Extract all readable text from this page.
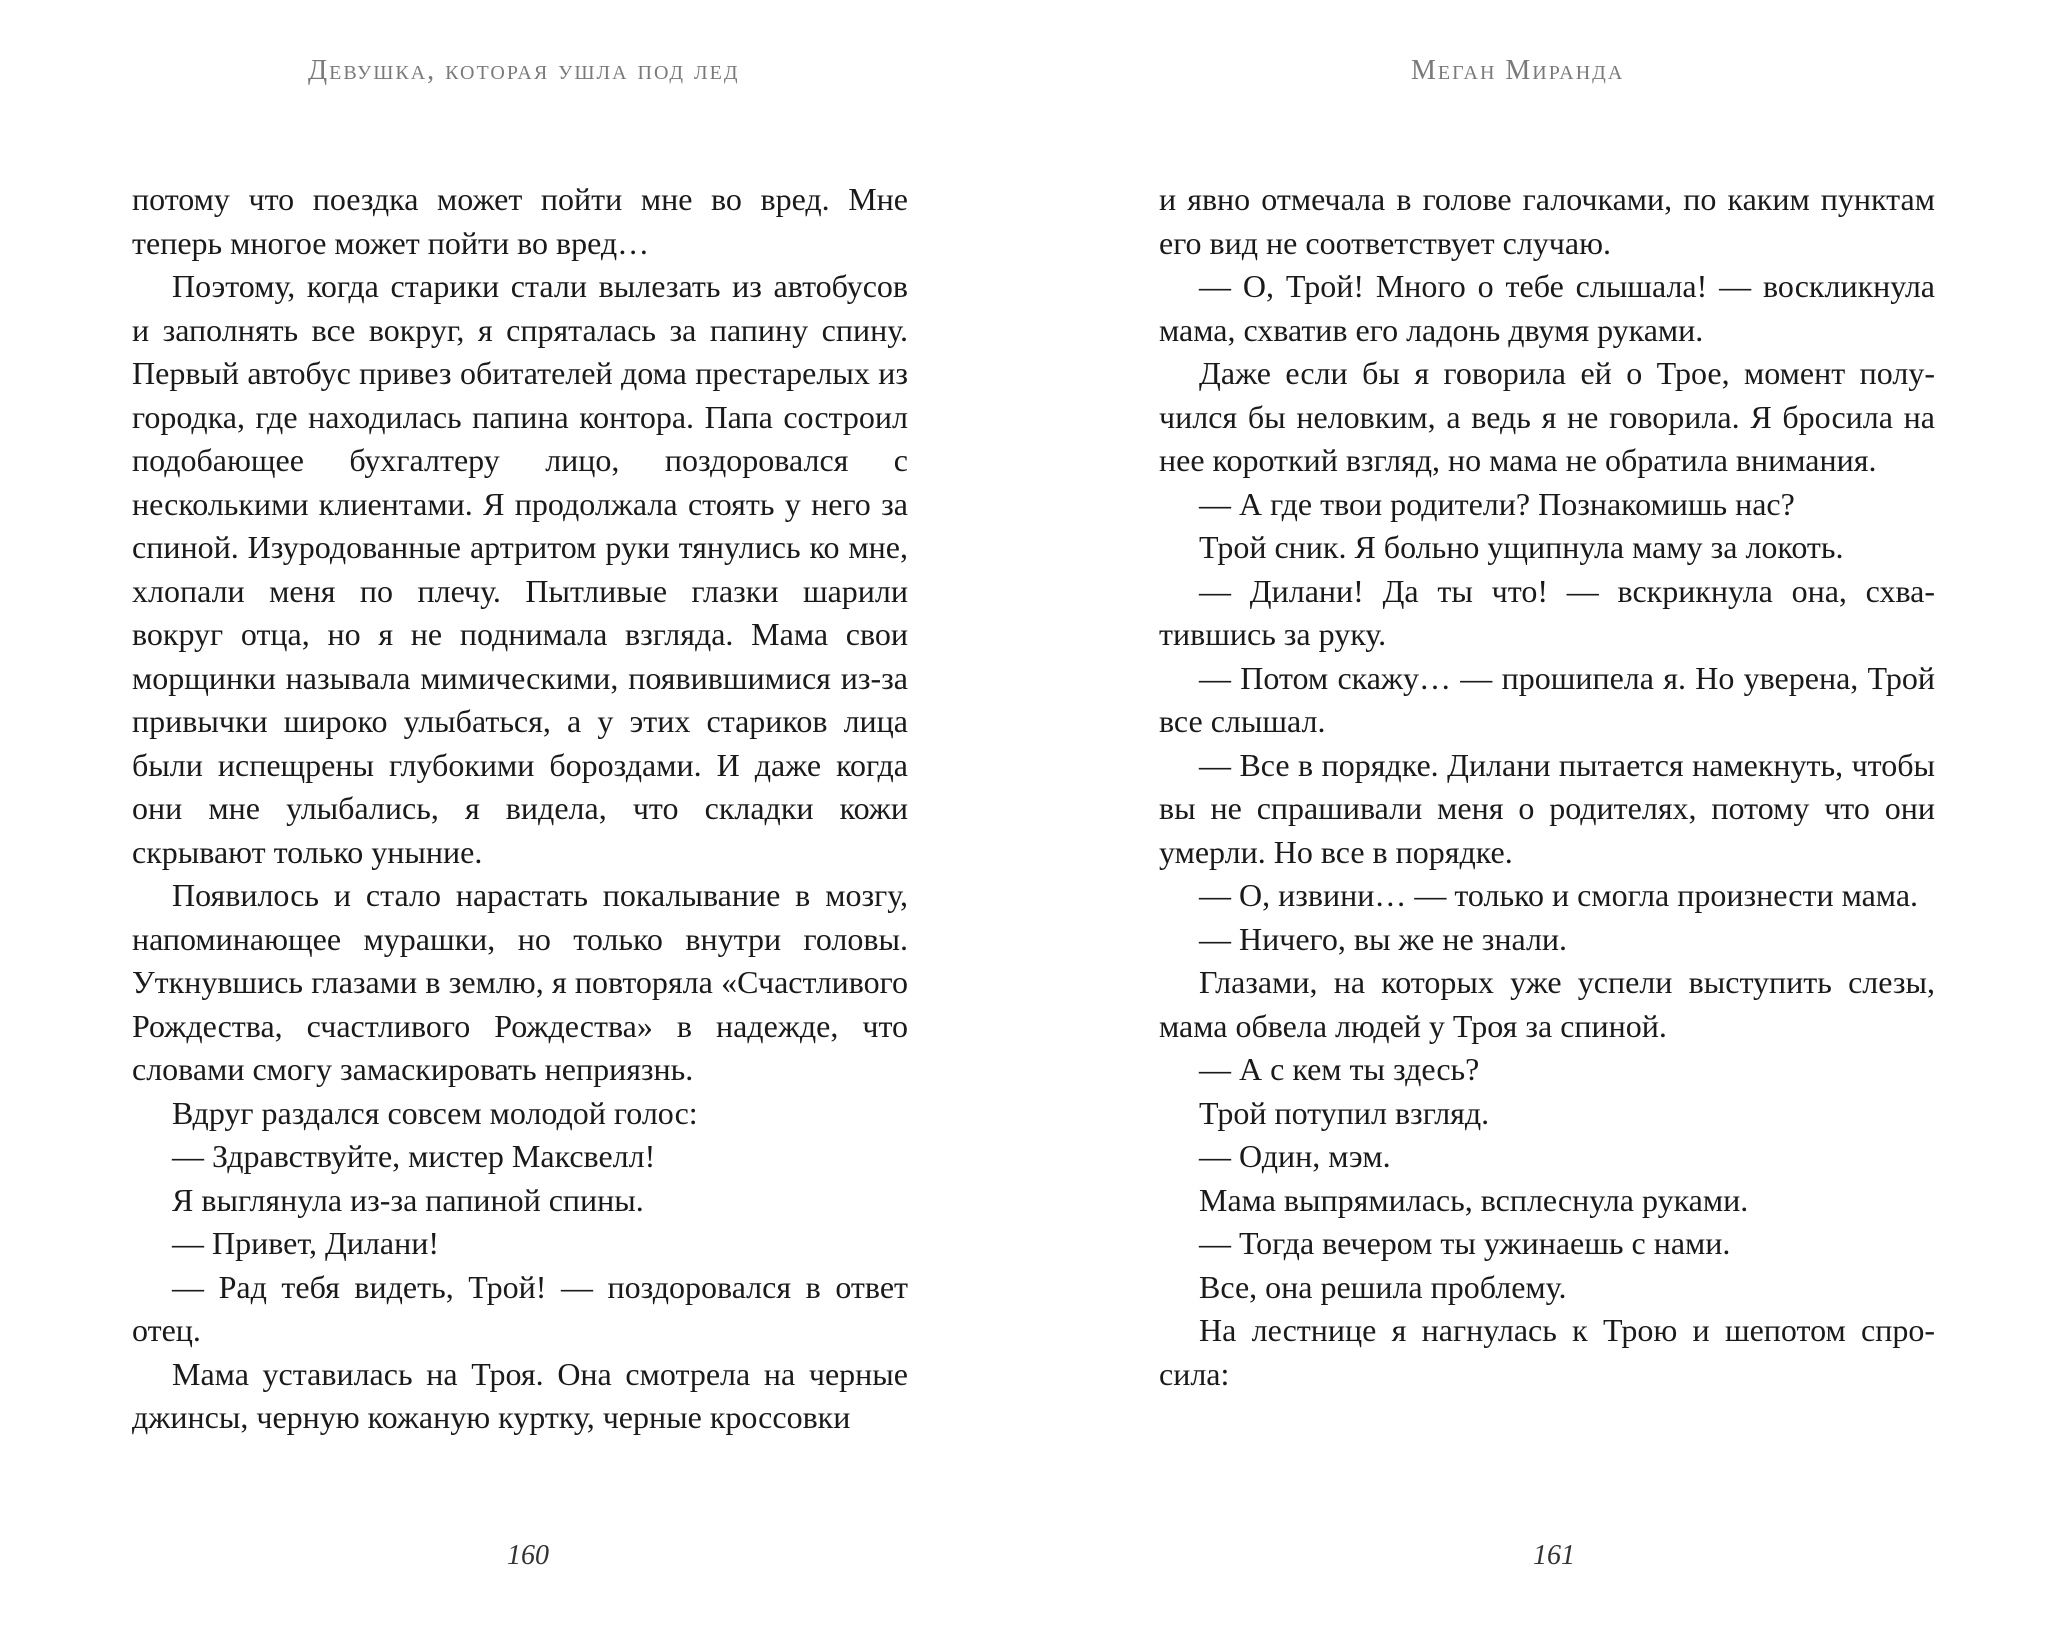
Девушка, которая ушла под лед

потому что поездка может пойти мне во вред. Мне теперь многое может пойти во вред…

Поэтому, когда старики стали вылезать из автобусов и заполнять все вокруг, я спряталась за папину спину. Первый автобус привез обитателей дома престарелых из городка, где находилась папина контора. Папа состроил подобающее бухгалтеру лицо, поздоровался с несколькими клиентами. Я продолжала стоять у него за спиной. Изуродованные артритом руки тянулись ко мне, хлопали меня по плечу. Пытливые глазки шарили вокруг отца, но я не поднимала взгляда. Мама свои морщинки называла мимическими, появившимися из-за привычки широко улыбаться, а у этих стариков лица были испещрены глубокими бороздами. И даже когда они мне улыбались, я видела, что складки кожи скрывают только уныние.

Появилось и стало нарастать покалывание в мозгу, напоминающее мурашки, но только внутри головы. Уткнувшись глазами в землю, я повторяла «Счастливого Рождества, счастливого Рождества» в надежде, что словами смогу замаскировать неприязнь.

Вдруг раздался совсем молодой голос:

— Здравствуйте, мистер Максвелл!

Я выглянула из-за папиной спины.

— Привет, Дилани!

— Рад тебя видеть, Трой! — поздоровался в ответ отец.

Мама уставилась на Троя. Она смотрела на черные джинсы, черную кожаную куртку, черные кроссовки

160
Меган Миранда

и явно отмечала в голове галочками, по каким пунктам его вид не соответствует случаю.

— О, Трой! Много о тебе слышала! — воскликнула мама, схватив его ладонь двумя руками.

Даже если бы я говорила ей о Трое, момент получился бы неловким, а ведь я не говорила. Я бросила на нее короткий взгляд, но мама не обратила внимания.

— А где твои родители? Познакомишь нас?

Трой сник. Я больно ущипнула маму за локоть.

— Дилани! Да ты что! — вскрикнула она, схватившись за руку.

— Потом скажу… — прошипела я. Но уверена, Трой все слышал.

— Все в порядке. Дилани пытается намекнуть, чтобы вы не спрашивали меня о родителях, потому что они умерли. Но все в порядке.

— О, извини… — только и смогла произнести мама.

— Ничего, вы же не знали.

Глазами, на которых уже успели выступить слезы, мама обвела людей у Троя за спиной.

— А с кем ты здесь?

Трой потупил взгляд.

— Один, мэм.

Мама выпрямилась, всплеснула руками.

— Тогда вечером ты ужинаешь с нами.

Все, она решила проблему.

На лестнице я нагнулась к Трою и шепотом спросила:

161
